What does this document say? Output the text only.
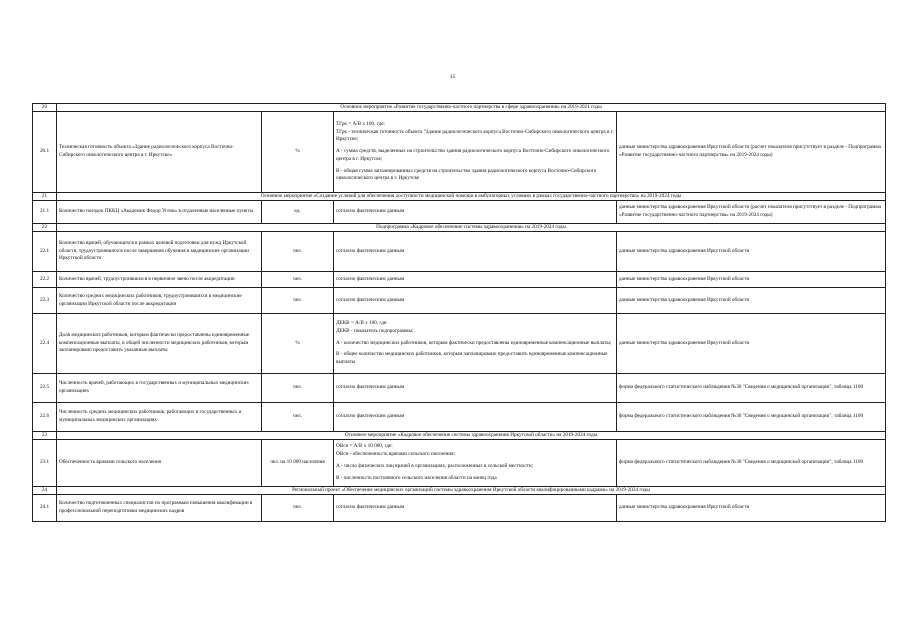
15
20	Основное мероприятие «Развитие государственно-частного партнерства в сфере здравоохранения» на 2019-2021 годы			
20.1	Техническая готовность объекта «Здание радиологического корпуса Восточно-Сибирского онкологического центра в г. Иркутске»	%	ТГрк = А/В х 100, где:
ТГрк - техническая готовность объекта "Здание радиологического корпуса Восточно-Сибирского онкологического центра в г. Иркутске;
А - сумма средств, выделенных на строительство здания радиологического корпуса Восточно-Сибирского онкологического центра в г. Иркутске;
В - общая сумма запланированных средств на строительство здания радиологического корпуса Восточно-Сибирского онкологического центра в г. Иркутске	данные министерства здравоохранения Иркутской области (расчет показателя присутствует в разделе - Подпрограмма «Развитие государственно-частного партнерства» на 2019-2024 годы)
21	Основное мероприятие «Создание условий для обеспечения доступности медицинской помощи в амбулаторных условиях в рамках государственно-частного партнерства» на 2019-2024 годы			
21.1	Количество поездок ПККЦ «Академик Федор Углов» в отдаленные населенные пункты	ед.	согласно фактическим данным	данные министерства здравоохранения Иркутской области (расчет показателя присутствует в разделе - Подпрограмма «Развитие государственно-частного партнерства» на 2019-2024 годы)
22	Подпрограмма «Кадровое обеспечение системы здравоохранения» на 2019-2024 годы			
22.1	Количество врачей, обучающихся в рамках целевой подготовки для нужд Иркутской области, трудоустроившихся после завершения обучения в медицинские организации Иркутской области	чел.	согласно фактическим данным	данные министерства здравоохранения Иркутской области
22.2	Количество врачей, трудоустроившихся в первичное звено после аккредитации	чел.	согласно фактическим данным	данные министерства здравоохранения Иркутской области
22.3	Количество средних медицинских работников, трудоустроившихся в медицинские организации Иркутской области после аккредитации	чел.	согласно фактическим данным	данные министерства здравоохранения Иркутской области
22.4	Доля медицинских работников, которым фактически предоставлены единовременные компенсационные выплаты, в общей численности медицинских работников, которым запланировано предоставить указанные выплаты	%	ДЕКВ = А/В х 100, где:
ДЕКВ - показатель подпрограммы;
А - количество медицинских работников, которым фактически предоставлены единовременные компенсационные выплаты;
В - общее количество медицинских работников, которым запланировано предоставить единовременные компенсационные выплаты	данные министерства здравоохранения Иркутской области
22.5	Численность врачей, работающих в государственных и муниципальных медицинских организациях	чел.	согласно фактическим данным	форма федерального статистического наблюдения №30 "Сведения о медицинской организации", таблица 1100
22.6	Численность средних медицинских работников, работающих в государственных и муниципальных медицинских организациях	чел.	согласно фактическим данным	форма федерального статистического наблюдения №30 "Сведения о медицинской организации", таблица 1100
23	Основное мероприятие «Кадровое обеспечение системы здравоохранения Иркутской области» на 2019-2024 годы			
23.1	Обеспеченность врачами сельского населения	чел. на 10 000 населения	ОВсн = А/В х 10 000, где:
ОВсн - обеспеченность врачами сельского населения;
А - число физических лиц врачей в организациях, расположенных в сельской местности;
В - численность постоянного сельского населения области на конец года	форма федерального статистического наблюдения №30 "Сведения о медицинской организации", таблица 1100
24	Региональный проект «Обеспечение медицинских организаций системы здравоохранения Иркутской области квалифицированными кадрами» на 2019-2024 годы			
24.1	Количество подготовленных специалистов по программам повышения квалификации в профессиональной переподготовки медицинских кадров	чел.	согласно фактическим данным	данные министерства здравоохранения Иркутской области
